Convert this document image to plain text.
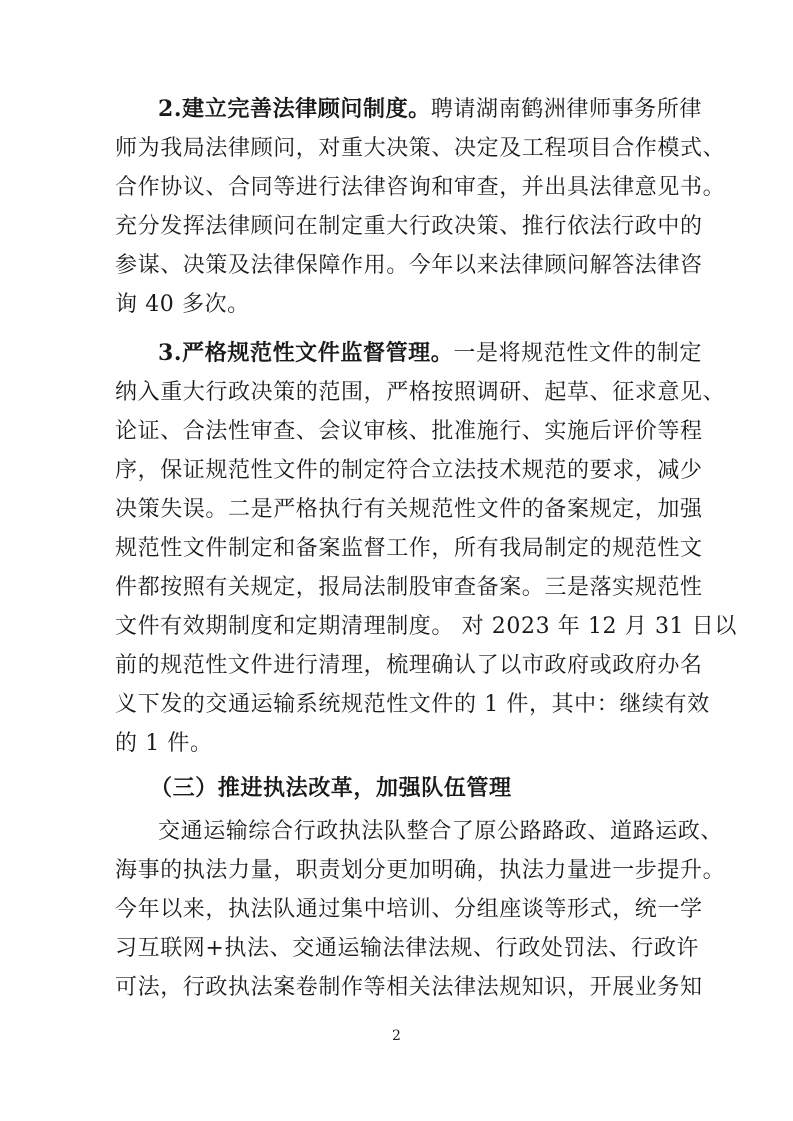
2.建立完善法律顾问制度。聘请湖南鹤洲律师事务所律
师为我局法律顾问，对重大决策、决定及工程项目合作模式、
合作协议、合同等进行法律咨询和审查，并出具法律意见书。
充分发挥法律顾问在制定重大行政决策、推行依法行政中的
参谋、决策及法律保障作用。今年以来法律顾问解答法律咨
询 40 多次。
3.严格规范性文件监督管理。一是将规范性文件的制定
纳入重大行政决策的范围，严格按照调研、起草、征求意见、
论证、合法性审查、会议审核、批准施行、实施后评价等程
序，保证规范性文件的制定符合立法技术规范的要求，减少
决策失误。二是严格执行有关规范性文件的备案规定，加强
规范性文件制定和备案监督工作，所有我局制定的规范性文
件都按照有关规定，报局法制股审查备案。三是落实规范性
文件有效期制度和定期清理制度。 对 2023 年 12 月 31 日以
前的规范性文件进行清理，梳理确认了以市政府或政府办名
义下发的交通运输系统规范性文件的 1 件，其中：继续有效
的 1 件。
（三）推进执法改革，加强队伍管理
交通运输综合行政执法队整合了原公路路政、道路运政、
海事的执法力量，职责划分更加明确，执法力量进一步提升。
今年以来，执法队通过集中培训、分组座谈等形式，统一学
习互联网+执法、交通运输法律法规、行政处罚法、行政许
可法，行政执法案卷制作等相关法律法规知识，开展业务知
2
